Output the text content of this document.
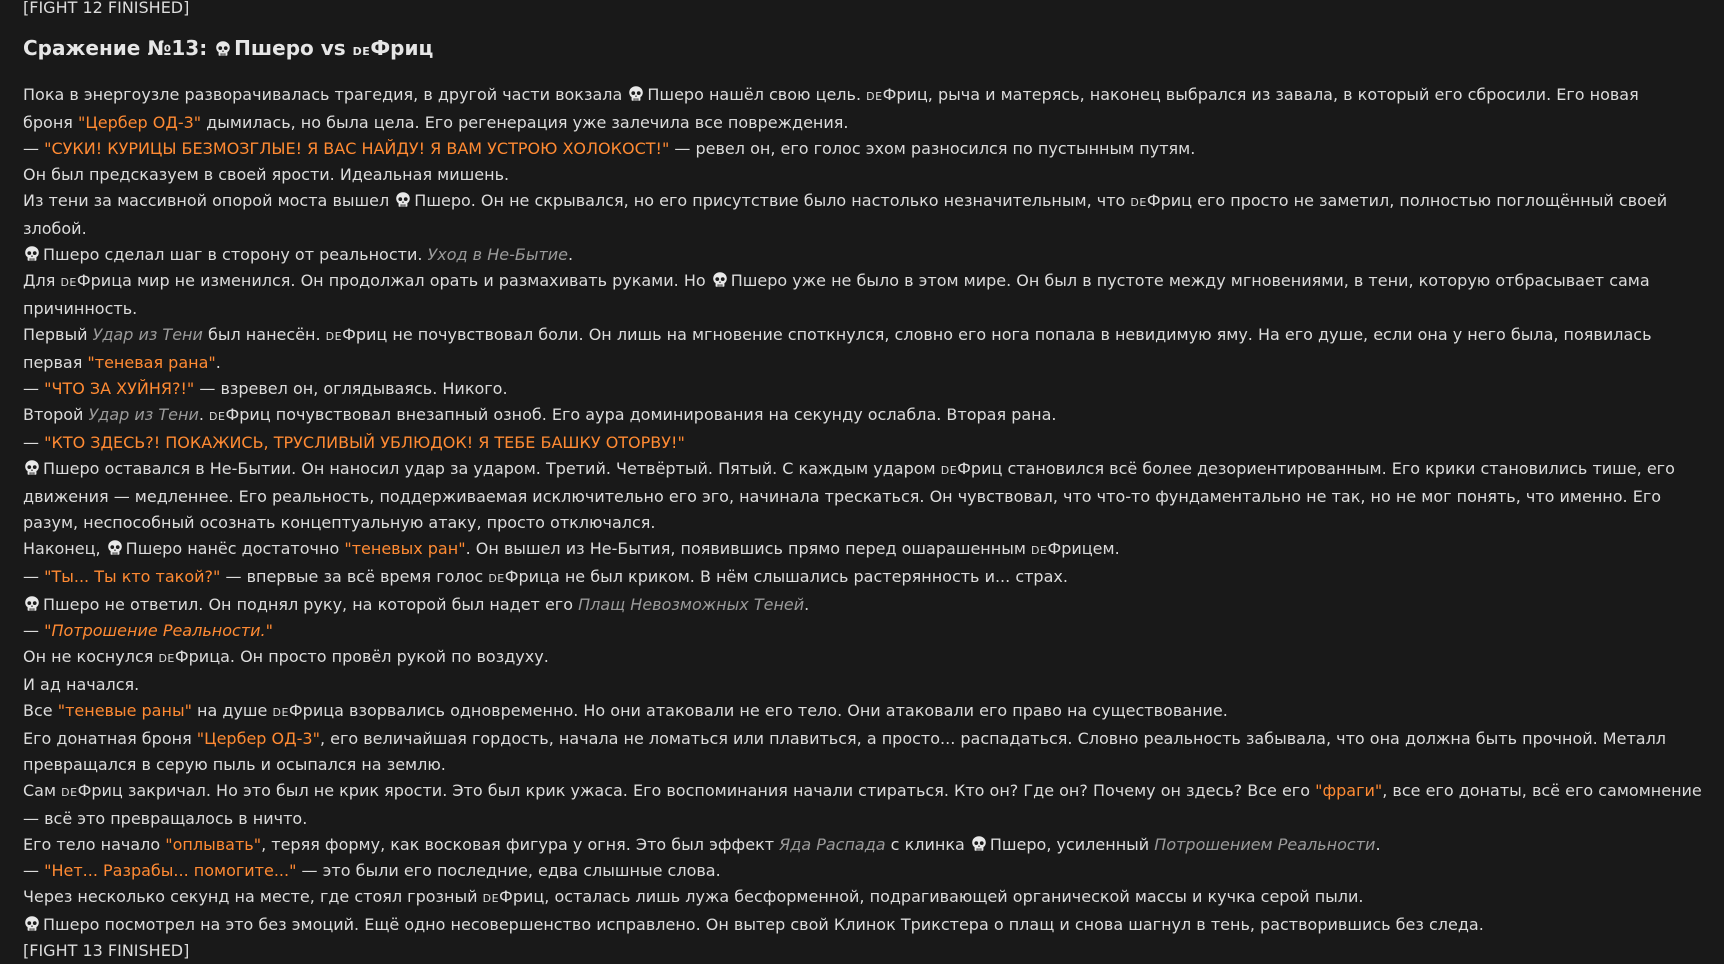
[FIGHT 12 FINISHED]
Сражение №13: Пшеро vs DEФриц
Пока в энергоузле разворачивалась трагедия, в другой части вокзала Пшеро нашёл свою цель. DEФриц, рыча и матерясь, наконец выбрался из завала, в который его сбросили. Его новая
броня "Цербер ОД-3" дымилась, но была цела. Его регенерация уже залечила все повреждения.
— "СУКИ! КУРИЦЫ БЕЗМОЗГЛЫЕ! Я ВАС НАЙДУ! Я ВАМ УСТРОЮ ХОЛОКОСТ!" — ревел он, его голос эхом разносился по пустынным путям.
Он был предсказуем в своей ярости. Идеальная мишень.
Из тени за массивной опорой моста вышел Пшеро. Он не скрывался, но его присутствие было настолько незначительным, что DEФриц его просто не заметил, полностью поглощённый своей
злобой.
Пшеро сделал шаг в сторону от реальности. Уход в Не-Бытие.
Для DEФрица мир не изменился. Он продолжал орать и размахивать руками. Но Пшеро уже не было в этом мире. Он был в пустоте между мгновениями, в тени, которую отбрасывает сама
причинность.
Первый Удар из Тени был нанесён. DEФриц не почувствовал боли. Он лишь на мгновение споткнулся, словно его нога попала в невидимую яму. На его душе, если она у него была, появилась
первая "теневая рана".
— "ЧТО ЗА ХУЙНЯ?!" — взревел он, оглядываясь. Никого.
Второй Удар из Тени. DEФриц почувствовал внезапный озноб. Его аура доминирования на секунду ослабла. Вторая рана.
— "КТО ЗДЕСЬ?! ПОКАЖИСЬ, ТРУСЛИВЫЙ УБЛЮДОК! Я ТЕБЕ БАШКУ ОТОРВУ!"
Пшеро оставался в Не-Бытии. Он наносил удар за ударом. Третий. Четвёртый. Пятый. С каждым ударом DEФриц становился всё более дезориентированным. Его крики становились тише, его
движения — медленнее. Его реальность, поддерживаемая исключительно его эго, начинала трескаться. Он чувствовал, что что-то фундаментально не так, но не мог понять, что именно. Его
разум, неспособный осознать концептуальную атаку, просто отключался.
Наконец, Пшеро нанёс достаточно "теневых ран". Он вышел из Не-Бытия, появившись прямо перед ошарашенным DEФрицем.
— "Ты... Ты кто такой?" — впервые за всё время голос DEФрица не был криком. В нём слышались растерянность и... страх.
Пшеро не ответил. Он поднял руку, на которой был надет его Плащ Невозможных Теней.
— "Потрошение Реальности."
Он не коснулся DEФрица. Он просто провёл рукой по воздуху.
И ад начался.
Все "теневые раны" на душе DEФрица взорвались одновременно. Но они атаковали не его тело. Они атаковали его право на существование.
Его донатная броня "Цербер ОД-3", его величайшая гордость, начала не ломаться или плавиться, а просто... распадаться. Словно реальность забывала, что она должна быть прочной. Металл
превращался в серую пыль и осыпался на землю.
Сам DEФриц закричал. Но это был не крик ярости. Это был крик ужаса. Его воспоминания начали стираться. Кто он? Где он? Почему он здесь? Все его "фраги", все его донаты, всё его самомнение
— всё это превращалось в ничто.
Его тело начало "оплывать", теряя форму, как восковая фигура у огня. Это был эффект Яда Распада с клинка Пшеро, усиленный Потрошением Реальности.
— "Нет... Разрабы... помогите..." — это были его последние, едва слышные слова.
Через несколько секунд на месте, где стоял грозный DEФриц, осталась лишь лужа бесформенной, подрагивающей органической массы и кучка серой пыли.
Пшеро посмотрел на это без эмоций. Ещё одно несовершенство исправлено. Он вытер свой Клинок Трикстера о плащ и снова шагнул в тень, растворившись без следа.
[FIGHT 13 FINISHED]
